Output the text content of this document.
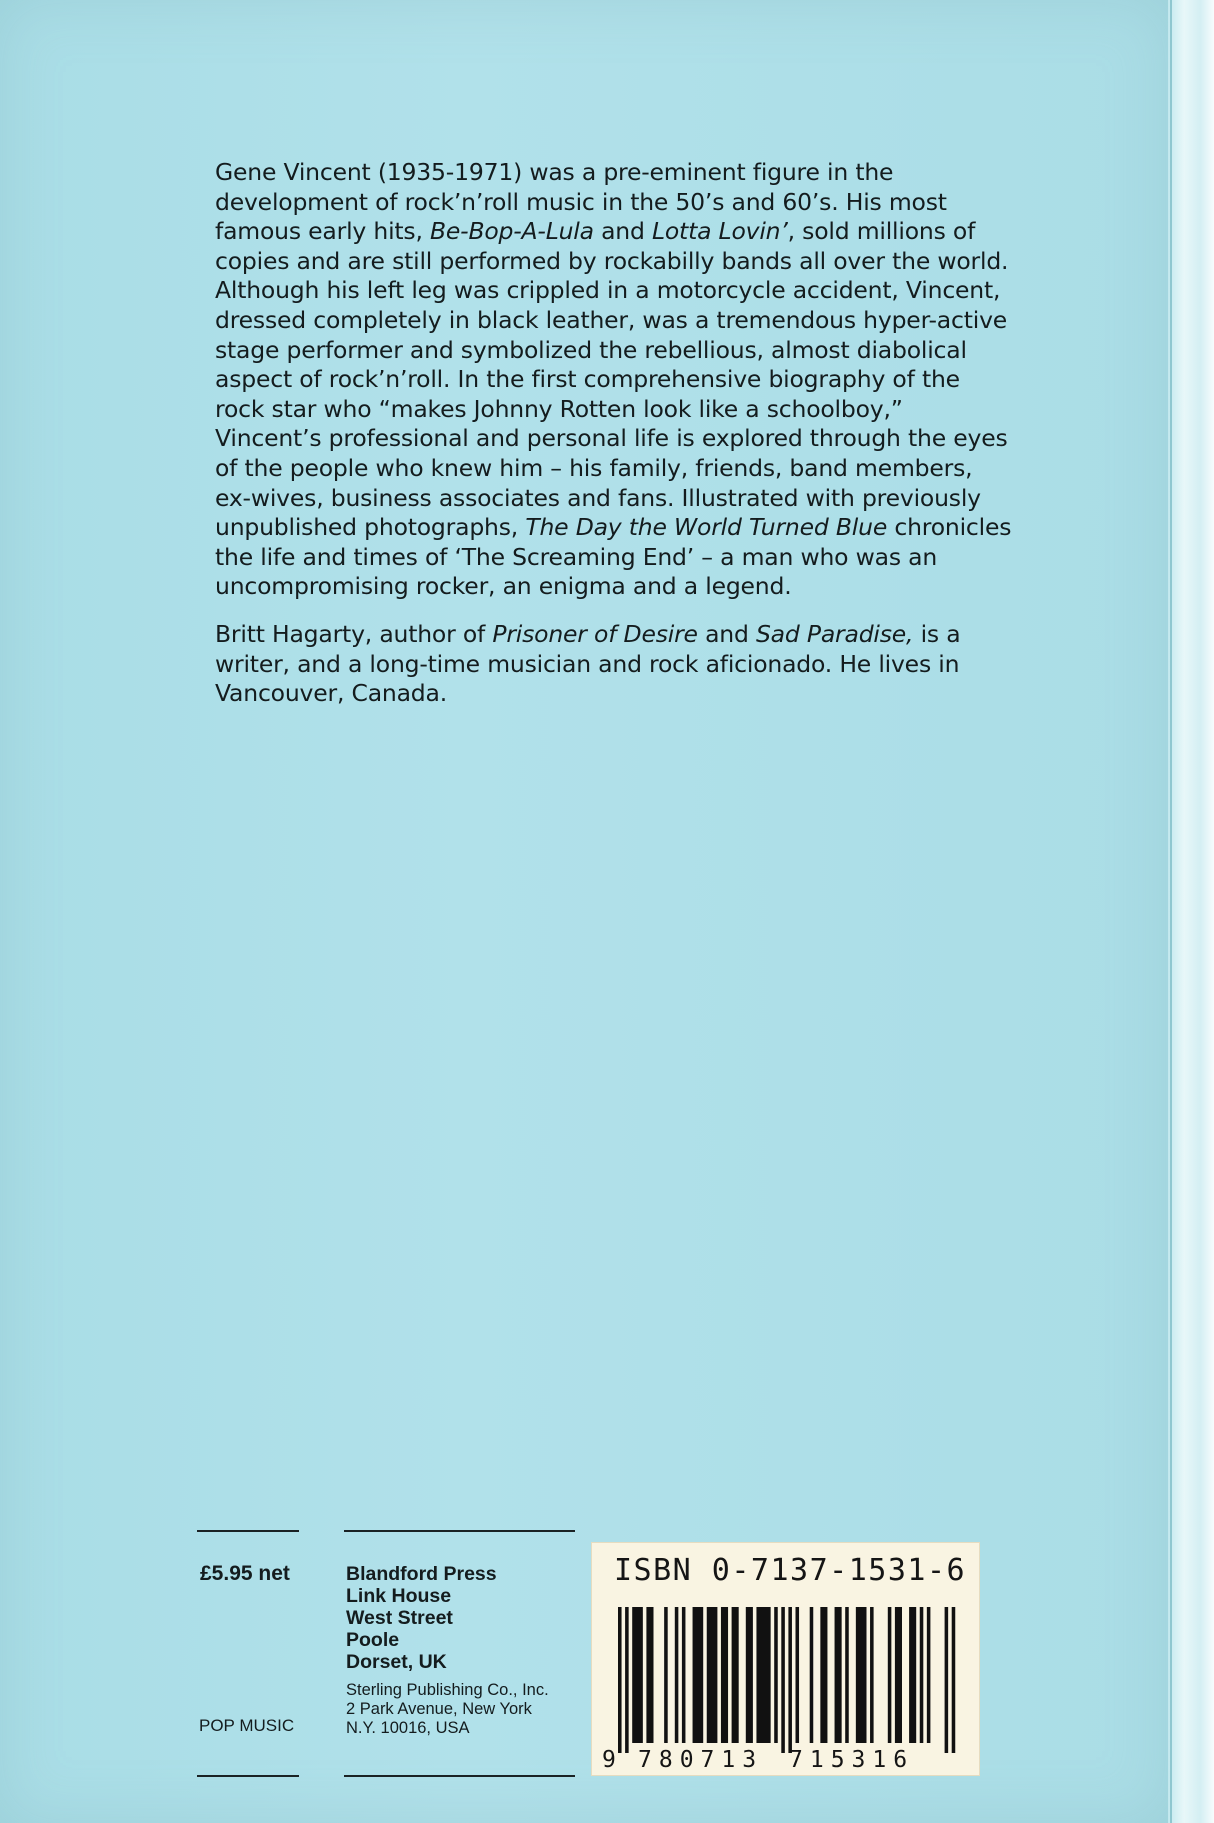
Gene Vincent (1935-1971) was a pre-eminent figure in the development of rock’n’roll music in the 50’s and 60’s. His most famous early hits, Be-Bop-A-Lula and Lotta Lovin’, sold millions of copies and are still performed by rockabilly bands all over the world. Although his left leg was crippled in a motorcycle accident, Vincent, dressed completely in black leather, was a tremendous hyper-active stage performer and symbolized the rebellious, almost diabolical aspect of rock’n’roll. In the first comprehensive biography of the rock star who “makes Johnny Rotten look like a schoolboy,” Vincent’s professional and personal life is explored through the eyes of the people who knew him – his family, friends, band members, ex-wives, business associates and fans. Illustrated with previously unpublished photographs, The Day the World Turned Blue chronicles the life and times of ‘The Screaming End’ – a man who was an uncompromising rocker, an enigma and a legend.

Britt Hagarty, author of Prisoner of Desire and Sad Paradise, is a writer, and a long-time musician and rock aficionado. He lives in Vancouver, Canada.

£5.95 net
POP MUSIC
Blandford Press
Link House
West Street
Poole
Dorset, UK
Sterling Publishing Co., Inc.
2 Park Avenue, New York
N.Y. 10016, USA
ISBN 0-7137-1531-6
9 780713 715316
